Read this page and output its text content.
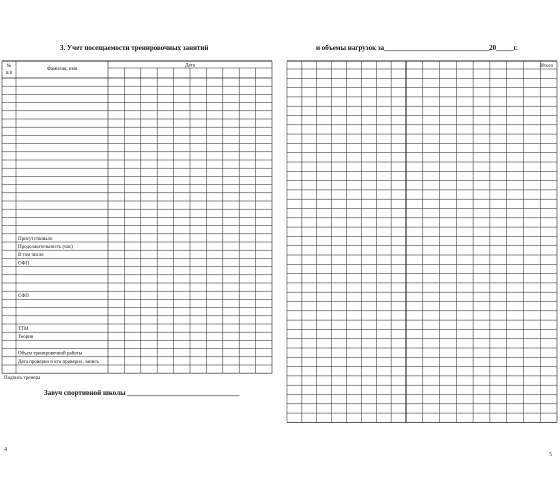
3. Учет посещаемости тренировочных занятий	и объемы нагрузок за______________________________20_____г.
№
п/п
Фамилия, имя
Дата
Присутствовало
Продолжительность (час)
В том числе
ОФП
СФП
ТТМ
Теория
Объем тренировочной работы
Дата проверки и кто проверил, запись
Подпись тренера
Завуч спортивной школы ________________________________
Итого
4
5
